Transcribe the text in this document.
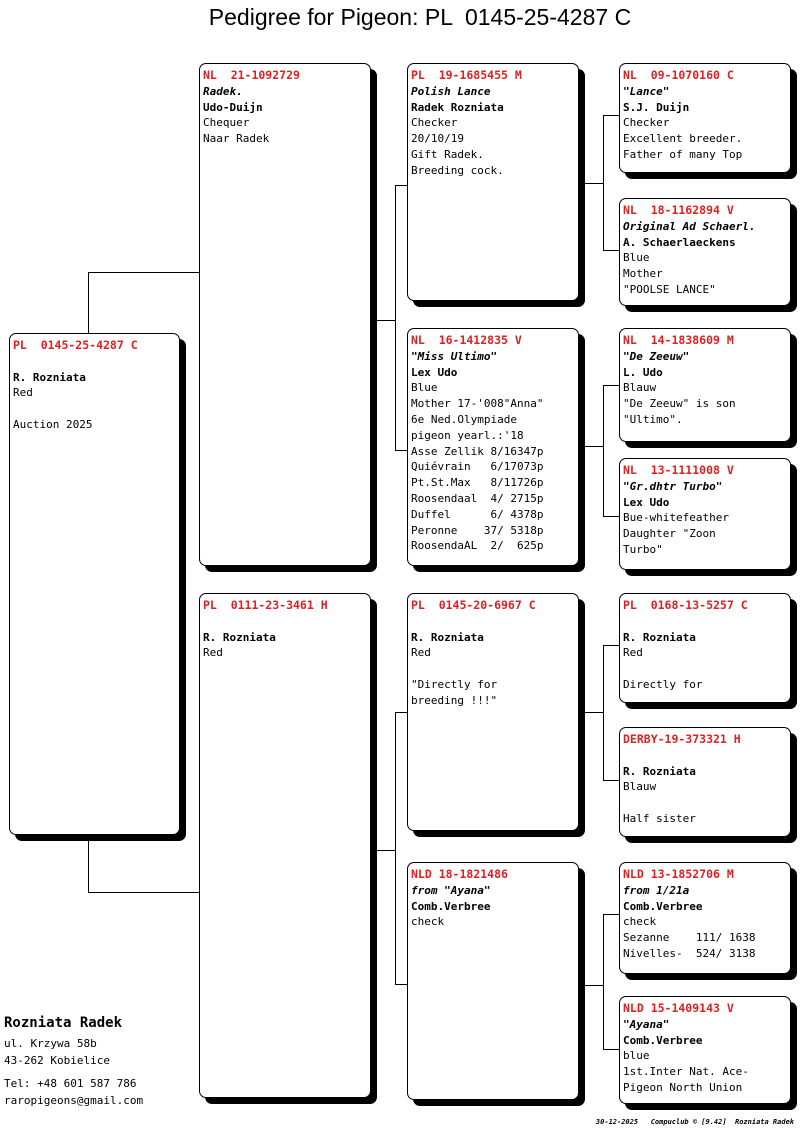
Pedigree for Pigeon: PL  0145-25-4287 C
PL  0145-25-4287 C
R. Rozniata
Red
Auction 2025
NL  21-1092729
Radek.
Udo-Duijn
Chequer
Naar Radek
PL  0111-23-3461 H
R. Rozniata
Red
PL  19-1685455 M
Polish Lance
Radek Rozniata
Checker
20/10/19
Gift Radek.
Breeding cock.
NL  16-1412835 V
"Miss Ultimo"
Lex Udo
Blue
Mother 17-'008"Anna"
6e Ned.Olympiade
pigeon yearl.:'18
Asse Zellik 8/16347p
Quiévrain   6/17073p
Pt.St.Max   8/11726p
Roosendaal  4/ 2715p
Duffel      6/ 4378p
Peronne    37/ 5318p
RoosendaAL  2/  625p
PL  0145-20-6967 C
R. Rozniata
Red
"Directly for
breeding !!!"
NLD 18-1821486
from "Ayana"
Comb.Verbree
check
NL  09-1070160 C
"Lance"
S.J. Duijn
Checker
Excellent breeder.
Father of many Top
NL  18-1162894 V
Original Ad Schaerl.
A. Schaerlaeckens
Blue
Mother
"POOLSE LANCE"
NL  14-1838609 M
"De Zeeuw"
L. Udo
Blauw
"De Zeeuw" is son
"Ultimo".
NL  13-1111008 V
"Gr.dhtr Turbo"
Lex Udo
Bue-whitefeather
Daughter "Zoon
Turbo"
PL  0168-13-5257 C
R. Rozniata
Red
Directly for
DERBY-19-373321 H
R. Rozniata
Blauw
Half sister
NLD 13-1852706 M
from 1/21a
Comb.Verbree
check
Sezanne    111/ 1638
Nivelles-  524/ 3138
NLD 15-1409143 V
"Ayana"
Comb.Verbree
blue
1st.Inter Nat. Ace-
Pigeon North Union
Rozniata Radek
ul. Krzywa 58b
43-262 Kobielice
Tel: +48 601 587 786
raropigeons@gmail.com
30-12-2025   Compuclub © [9.42]  Rozniata Radek
